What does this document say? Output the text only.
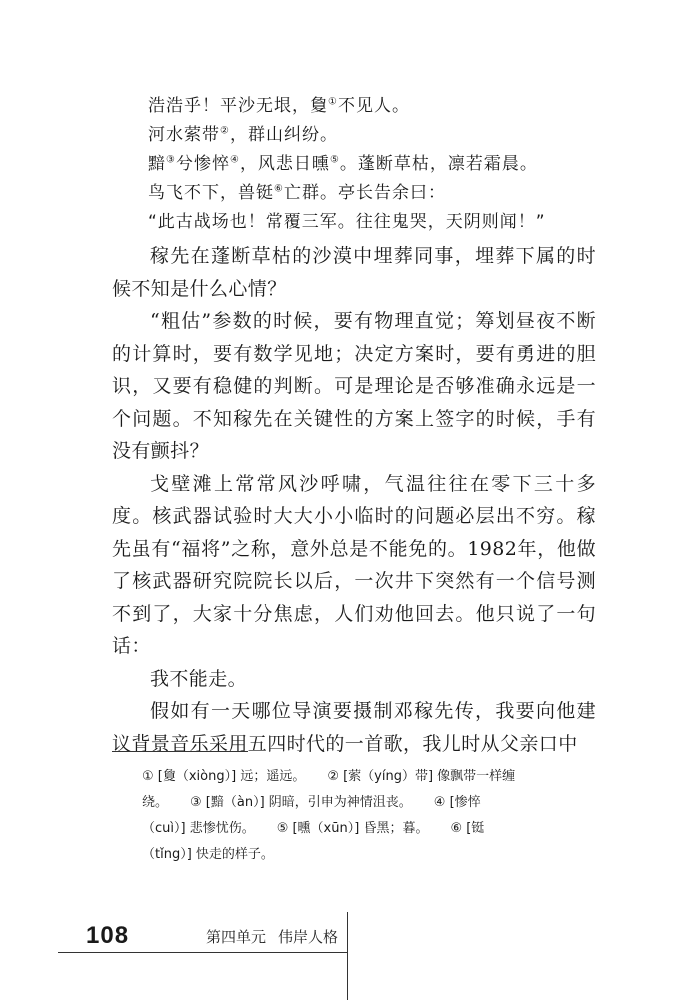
浩浩乎！平沙无垠，敻①不见人。
河水萦带②，群山纠纷。
黯③兮惨悴④，风悲日曛⑤。蓬断草枯，凛若霜晨。
鸟飞不下，兽铤⑥亡群。亭长告余曰：
“此古战场也！常覆三军。往往鬼哭，天阴则闻！”

稼先在蓬断草枯的沙漠中埋葬同事，埋葬下属的时候不知是什么心情？

“粗估”参数的时候，要有物理直觉；筹划昼夜不断的计算时，要有数学见地；决定方案时，要有勇进的胆识，又要有稳健的判断。可是理论是否够准确永远是一个问题。不知稼先在关键性的方案上签字的时候，手有没有颤抖？

戈壁滩上常常风沙呼啸，气温往往在零下三十多度。核武器试验时大大小小临时的问题必层出不穷。稼先虽有“福将”之称，意外总是不能免的。1982年，他做了核武器研究院院长以后，一次井下突然有一个信号测不到了，大家十分焦虑，人们劝他回去。他只说了一句话：

我不能走。

假如有一天哪位导演要摄制邓稼先传，我要向他建议背景音乐采用五四时代的一首歌，我儿时从父亲口中

① [敻（xiòng）] 远；遥远。 ② [萦（yíng）带] 像飘带一样缠
绕。 ③ [黯（àn）] 阴暗，引申为神情沮丧。 ④ [惨悴
（cuì）] 悲惨忧伤。 ⑤ [曛（xūn）] 昏黑；暮。 ⑥ [铤
（tǐng）] 快走的样子。
108	第四单元 伟岸人格
